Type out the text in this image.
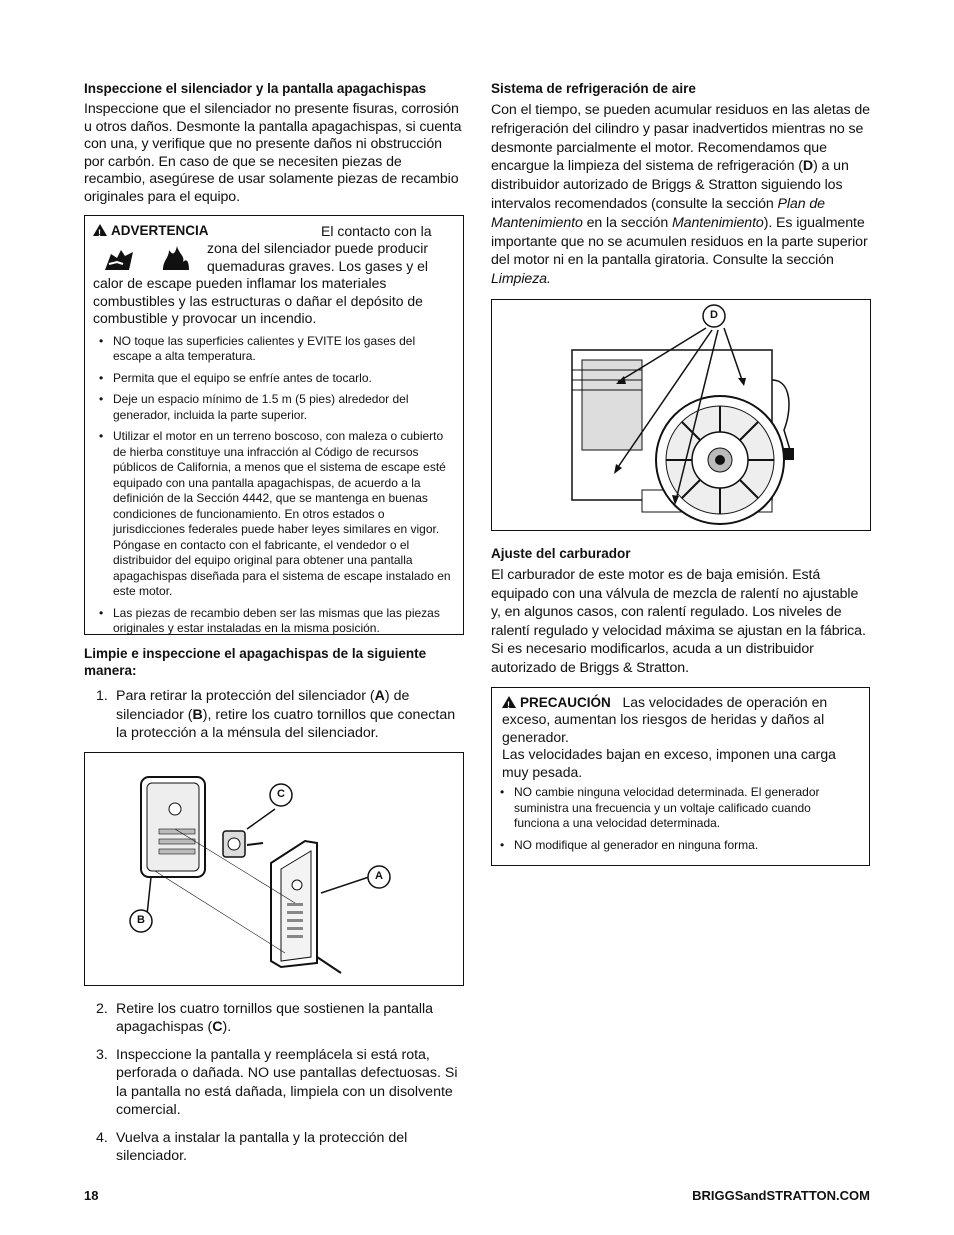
Inspeccione el silenciador y la pantalla apagachispas

Inspeccione que el silenciador no presente fisuras, corrosión u otros daños. Desmonte la pantalla apagachispas, si cuenta con una, y verifique que no presente daños ni obstrucción por carbón. En caso de que se necesiten piezas de recambio, asegúrese de usar solamente piezas de recambio originales para el equipo.

!ADVERTENCIA	El contacto con la zona del silenciador puede producir quemaduras graves. Los gases y el calor de escape pueden inflamar los materiales combustibles y las estructuras o dañar el depósito de combustible y provocar un incendio.
• NO toque las superficies calientes y EVITE los gases del escape a alta temperatura.
• Permita que el equipo se enfríe antes de tocarlo.
• Deje un espacio mínimo de 1.5 m (5 pies) alrededor del generador, incluida la parte superior.
• Utilizar el motor en un terreno boscoso, con maleza o cubierto de hierba constituye una infracción al Código de recursos públicos de California, a menos que el sistema de escape esté equipado con una pantalla apagachispas, de acuerdo a la definición de la Sección 4442, que se mantenga en buenas condiciones de funcionamiento. En otros estados o jurisdicciones federales puede haber leyes similares en vigor.
Póngase en contacto con el fabricante, el vendedor o el distribuidor del equipo original para obtener una pantalla apagachispas diseñada para el sistema de escape instalado en este motor.
• Las piezas de recambio deben ser las mismas que las piezas originales y estar instaladas en la misma posición.
Limpie e inspeccione el apagachispas de la siguiente manera:
1. Para retirar la protección del silenciador (A) de silenciador (B), retire los cuatro tornillos que conectan la protección a la ménsula del silenciador.
C
A
B
2. Retire los cuatro tornillos que sostienen la pantalla apagachispas (C).
3. Inspeccione la pantalla y reemplácela si está rota, perforada o dañada. NO use pantallas defectuosas. Si la pantalla no está dañada, limpiela con un disolvente comercial.
4. Vuelva a instalar la pantalla y la protección del silenciador.
Sistema de refrigeración de aire

Con el tiempo, se pueden acumular residuos en las aletas de refrigeración del cilindro y pasar inadvertidos mientras no se desmonte parcialmente el motor. Recomendamos que encargue la limpieza del sistema de refrigeración (D) a un distribuidor autorizado de Briggs & Stratton siguiendo los intervalos recomendados (consulte la sección Plan de Mantenimiento en la sección Mantenimiento). Es igualmente importante que no se acumulen residuos en la parte superior del motor ni en la pantalla giratoria. Consulte la sección Limpieza.

D
Ajuste del carburador

El carburador de este motor es de baja emisión. Está equipado con una válvula de mezcla de ralentí no ajustable y, en algunos casos, con ralentí regulado. Los niveles de ralentí regulado y velocidad máxima se ajustan en la fábrica. Si es necesario modificarlos, acuda a un distribuidor autorizado de Briggs & Stratton.

!PRECAUCIÓN Las velocidades de operación en exceso, aumentan los riesgos de heridas y daños al generador.
Las velocidades bajan en exceso, imponen una carga muy pesada.
• NO cambie ninguna velocidad determinada. El generador suministra una frecuencia y un voltaje calificado cuando funciona a una velocidad determinada.
• NO modifique al generador en ninguna forma.
18	BRIGGSandSTRATTON.COM
